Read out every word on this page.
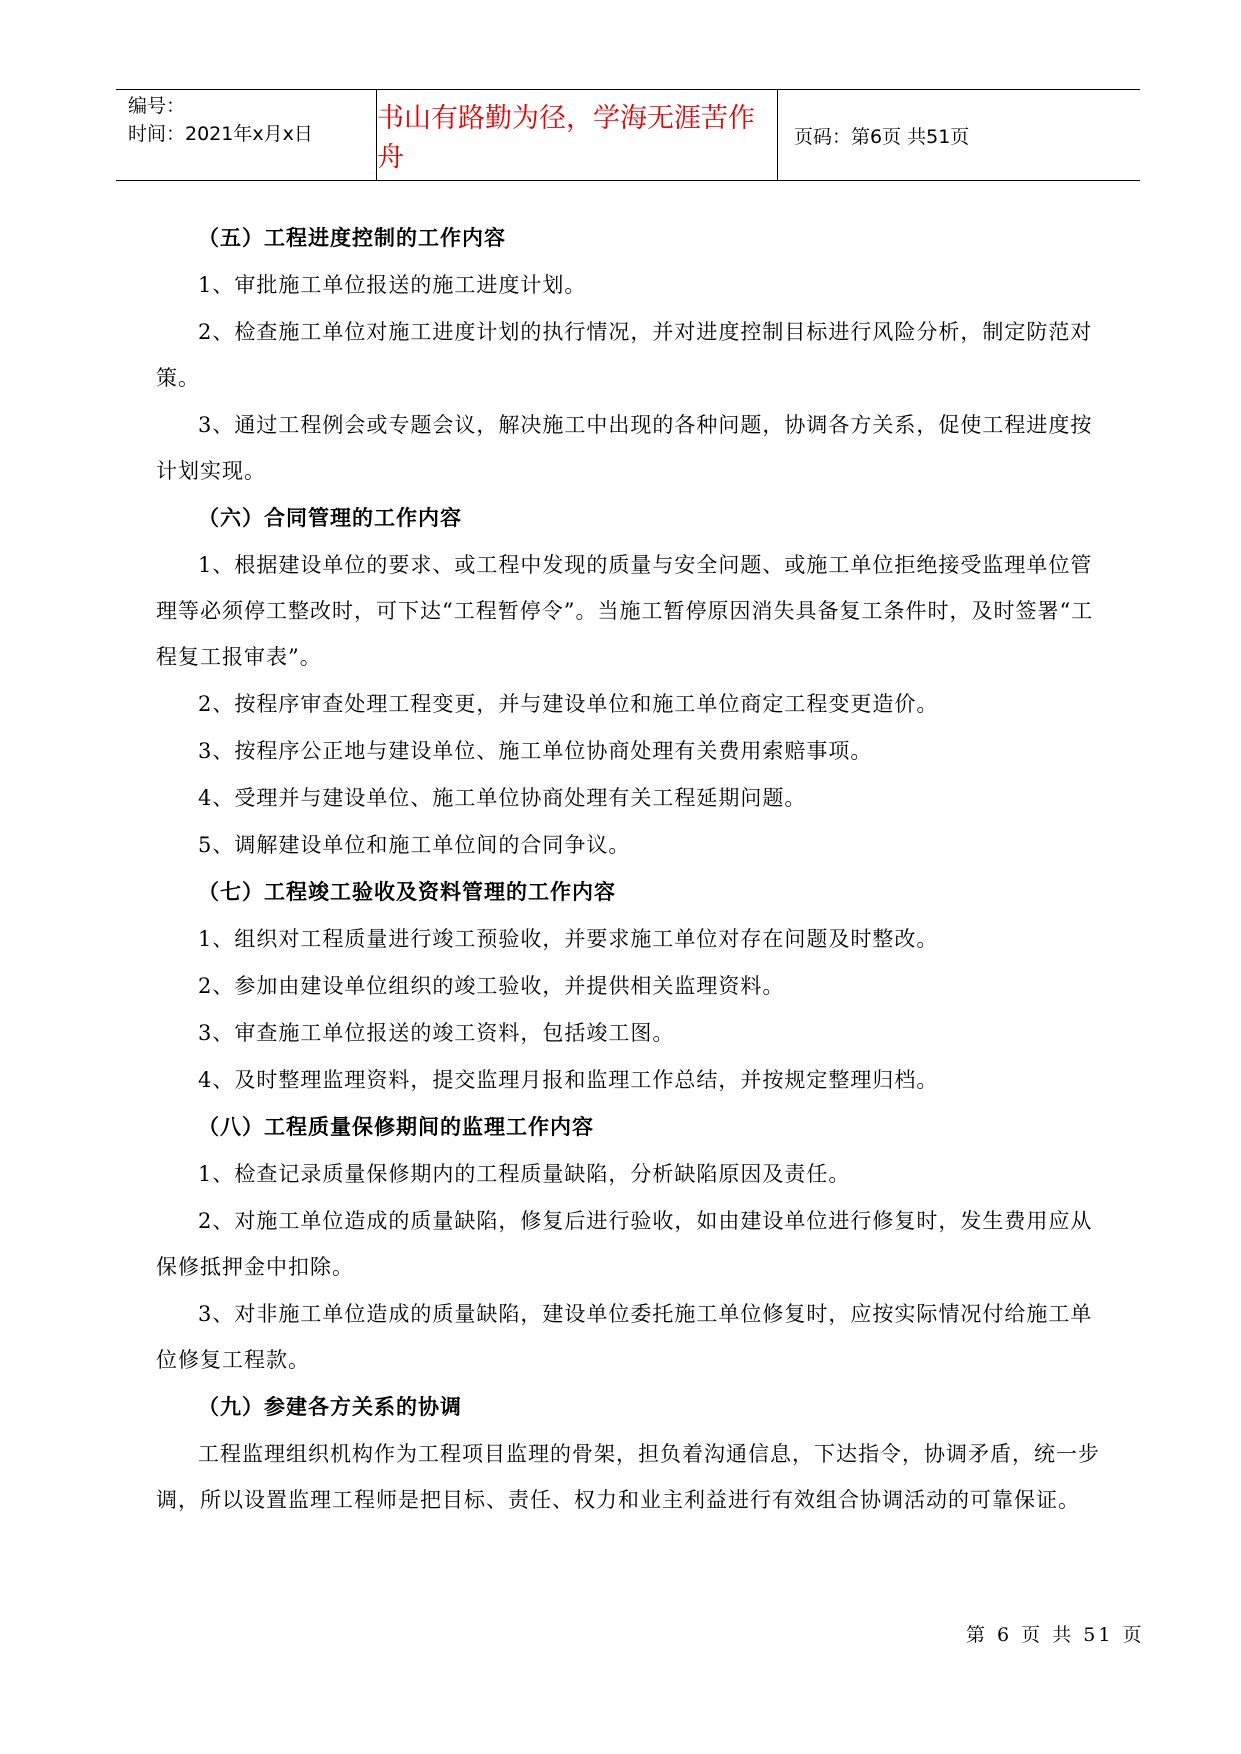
编号：
时间：2021年x月x日	书山有路勤为径，学海无涯苦作舟
页码：第6页 共51页

（五）工程进度控制的工作内容

1、审批施工单位报送的施工进度计划。

2、检查施工单位对施工进度计划的执行情况，并对进度控制目标进行风险分析，制定防范对策。

3、通过工程例会或专题会议，解决施工中出现的各种问题，协调各方关系，促使工程进度按计划实现。

（六）合同管理的工作内容

1、根据建设单位的要求、或工程中发现的质量与安全问题、或施工单位拒绝接受监理单位管理等必须停工整改时，可下达“工程暂停令”。当施工暂停原因消失具备复工条件时，及时签署“工程复工报审表”。

2、按程序审查处理工程变更，并与建设单位和施工单位商定工程变更造价。

3、按程序公正地与建设单位、施工单位协商处理有关费用索赔事项。

4、受理并与建设单位、施工单位协商处理有关工程延期问题。

5、调解建设单位和施工单位间的合同争议。

（七）工程竣工验收及资料管理的工作内容

1、组织对工程质量进行竣工预验收，并要求施工单位对存在问题及时整改。

2、参加由建设单位组织的竣工验收，并提供相关监理资料。

3、审查施工单位报送的竣工资料，包括竣工图。

4、及时整理监理资料，提交监理月报和监理工作总结，并按规定整理归档。

（八）工程质量保修期间的监理工作内容

1、检查记录质量保修期内的工程质量缺陷，分析缺陷原因及责任。

2、对施工单位造成的质量缺陷，修复后进行验收，如由建设单位进行修复时，发生费用应从保修抵押金中扣除。

3、对非施工单位造成的质量缺陷，建设单位委托施工单位修复时，应按实际情况付给施工单位修复工程款。

（九）参建各方关系的协调

工程监理组织机构作为工程项目监理的骨架，担负着沟通信息，下达指令，协调矛盾，统一步调，所以设置监理工程师是把目标、责任、权力和业主利益进行有效组合协调活动的可靠保证。

第 6 页 共 51 页
